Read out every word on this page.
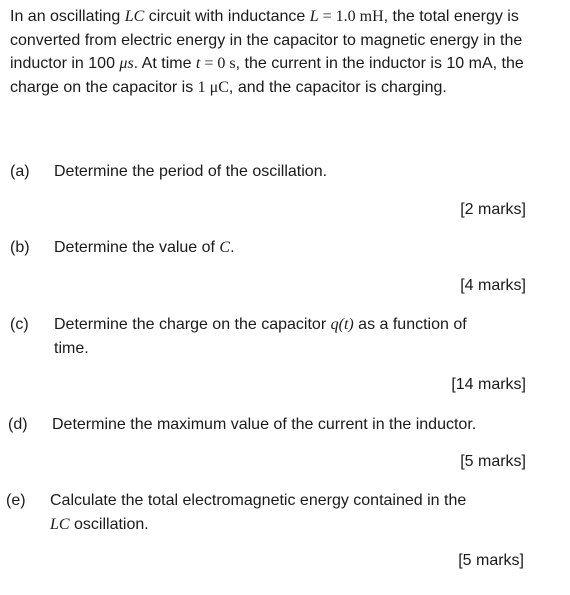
In an oscillating LC circuit with inductance L = 1.0 mH, the total energy is converted from electric energy in the capacitor to magnetic energy in the inductor in 100 μs. At time t = 0 s, the current in the inductor is 10 mA, the charge on the capacitor is 1 μC, and the capacitor is charging.

(a) Determine the period of the oscillation.
[2 marks]
(b) Determine the value of C.
[4 marks]
(c) Determine the charge on the capacitor q(t) as a function of
time.
[14 marks]
(d) Determine the maximum value of the current in the inductor.
[5 marks]
(e) Calculate the total electromagnetic energy contained in the
LC oscillation.
[5 marks]
